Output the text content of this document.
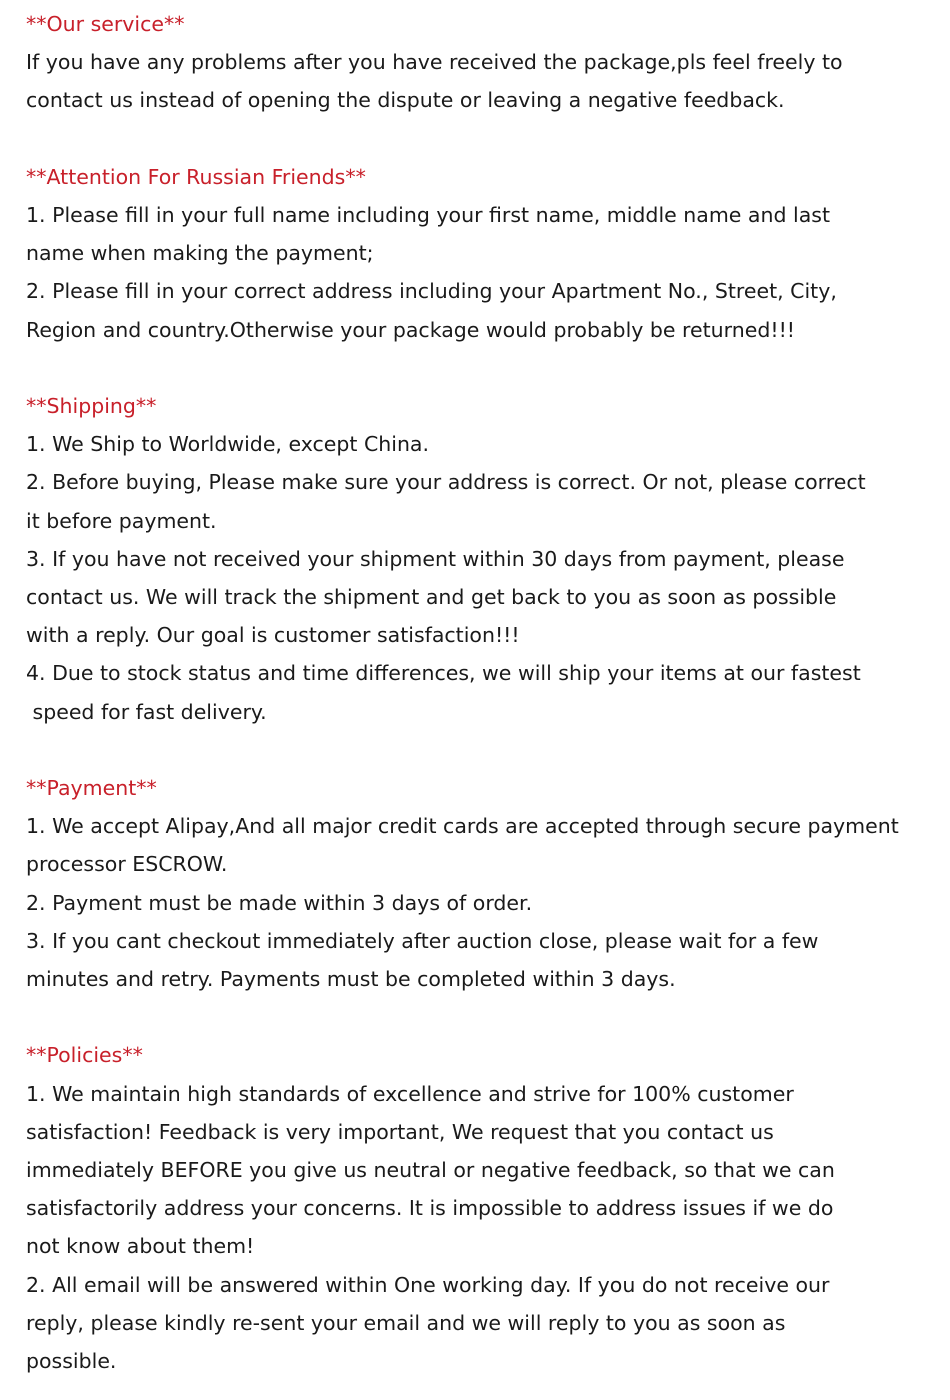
**Our service**

If you have any problems after you have received the package,pls feel freely to

contact us instead of opening the dispute or leaving a negative feedback.

**Attention For Russian Friends**

1. Please fill in your full name including your first name, middle name and last

name when making the payment;

2. Please fill in your correct address including your Apartment No., Street, City,

Region and country.Otherwise your package would probably be returned!!!

**Shipping**

1. We Ship to Worldwide, except China.

2. Before buying, Please make sure your address is correct. Or not, please correct

it before payment.

3. If you have not received your shipment within 30 days from payment, please

contact us. We will track the shipment and get back to you as soon as possible

with a reply. Our goal is customer satisfaction!!!

4. Due to stock status and time differences, we will ship your items at our fastest

speed for fast delivery.

**Payment**

1. We accept Alipay,And all major credit cards are accepted through secure payment

processor ESCROW.

2. Payment must be made within 3 days of order.

3. If you cant checkout immediately after auction close, please wait for a few

minutes and retry. Payments must be completed within 3 days.

**Policies**

1. We maintain high standards of excellence and strive for 100% customer

satisfaction! Feedback is very important, We request that you contact us

immediately BEFORE you give us neutral or negative feedback, so that we can

satisfactorily address your concerns. It is impossible to address issues if we do

not know about them!

2. All email will be answered within One working day. If you do not receive our

reply, please kindly re-sent your email and we will reply to you as soon as

possible.
